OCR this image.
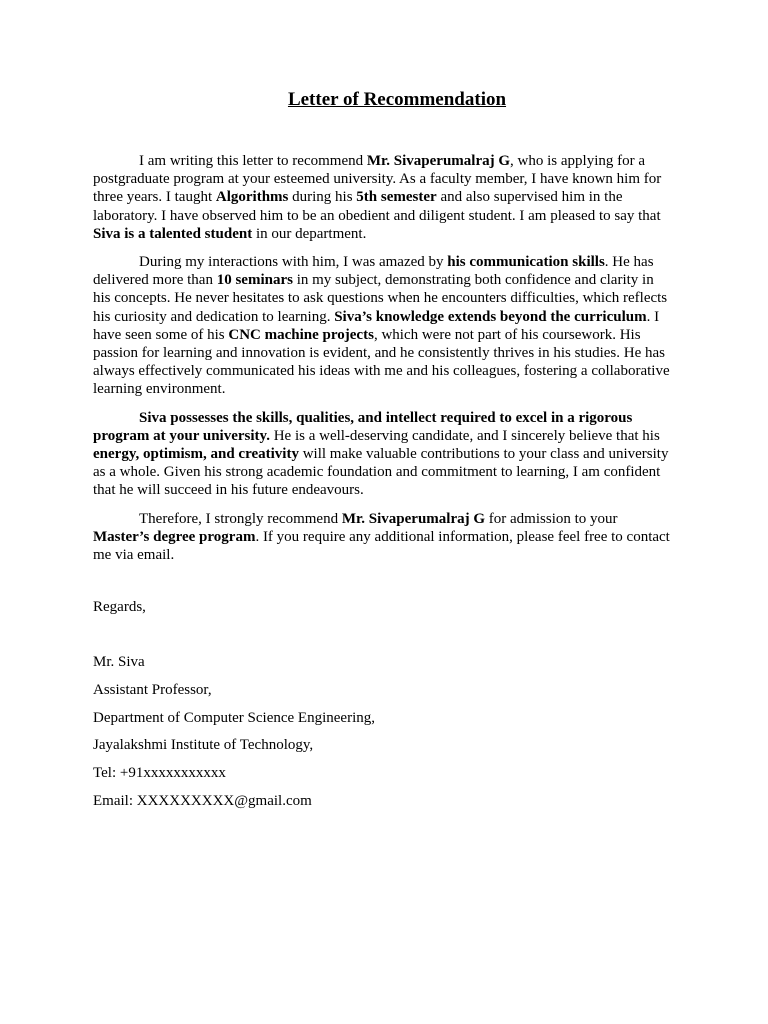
Letter of Recommendation

I am writing this letter to recommend Mr. Sivaperumalraj G, who is applying for a postgraduate program at your esteemed university. As a faculty member, I have known him for three years. I taught Algorithms during his 5th semester and also supervised him in the laboratory. I have observed him to be an obedient and diligent student. I am pleased to say that Siva is a talented student in our department.

During my interactions with him, I was amazed by his communication skills. He has delivered more than 10 seminars in my subject, demonstrating both confidence and clarity in his concepts. He never hesitates to ask questions when he encounters difficulties, which reflects his curiosity and dedication to learning. Siva’s knowledge extends beyond the curriculum. I have seen some of his CNC machine projects, which were not part of his coursework. His passion for learning and innovation is evident, and he consistently thrives in his studies. He has always effectively communicated his ideas with me and his colleagues, fostering a collaborative learning environment.

Siva possesses the skills, qualities, and intellect required to excel in a rigorous program at your university. He is a well-deserving candidate, and I sincerely believe that his energy, optimism, and creativity will make valuable contributions to your class and university as a whole. Given his strong academic foundation and commitment to learning, I am confident that he will succeed in his future endeavours.

Therefore, I strongly recommend Mr. Sivaperumalraj G for admission to your Master’s degree program. If you require any additional information, please feel free to contact me via email.

Regards,

Mr. Siva

Assistant Professor,

Department of Computer Science Engineering,

Jayalakshmi Institute of Technology,

Tel: +91xxxxxxxxxxx

Email: XXXXXXXXX@gmail.com
